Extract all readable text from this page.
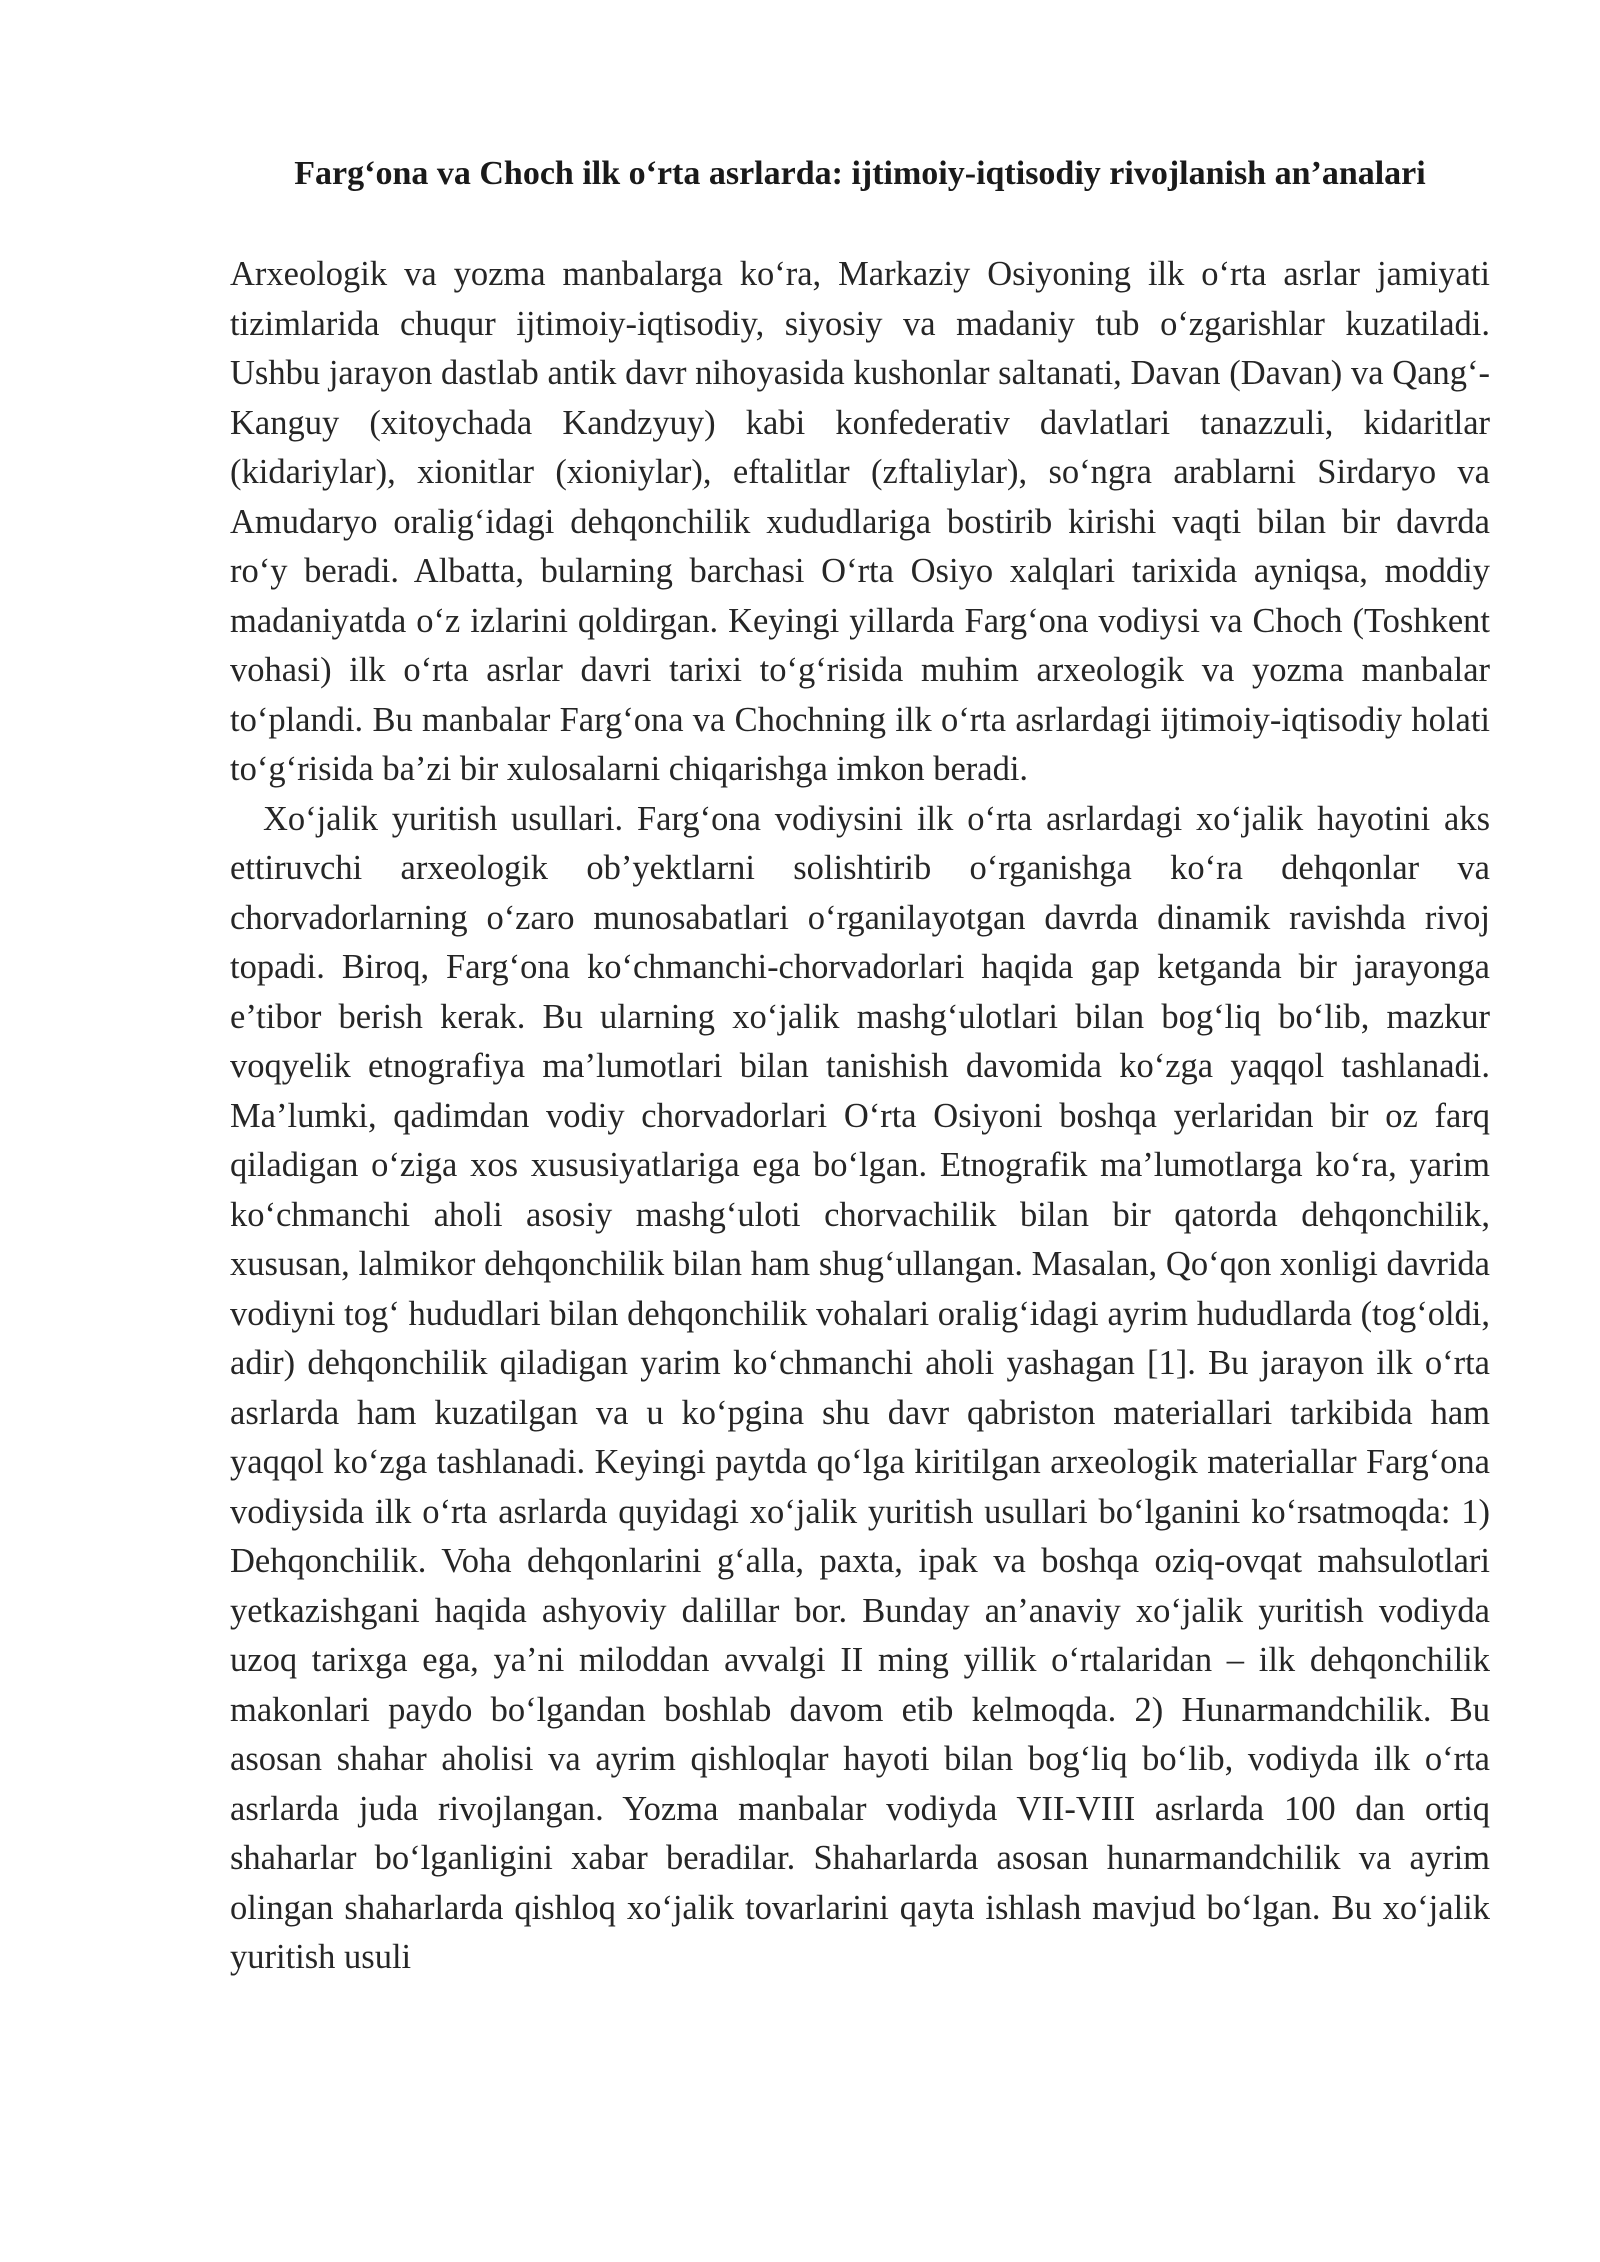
Farg‘ona va Choch ilk o‘rta asrlarda: ijtimoiy-iqtisodiy rivojlanish an’analari

Arxeologik va yozma manbalarga ko‘ra, Markaziy Osiyoning ilk o‘rta asrlar jamiyati tizimlarida chuqur ijtimoiy-iqtisodiy, siyosiy va madaniy tub o‘zgarishlar kuzatiladi. Ushbu jarayon dastlab antik davr nihoyasida kushonlar saltanati, Davan (Davan) va Qang‘-Kanguy (xitoychada Kandzyuy) kabi konfederativ davlatlari tanazzuli, kidaritlar (kidariylar), xionitlar (xioniylar), eftalitlar (zftaliylar), so‘ngra arablarni Sirdaryo va Amudaryo oralig‘idagi dehqonchilik xududlariga bostirib kirishi vaqti bilan bir davrda ro‘y beradi. Albatta, bularning barchasi O‘rta Osiyo xalqlari tarixida ayniqsa, moddiy madaniyatda o‘z izlarini qoldirgan. Keyingi yillarda Farg‘ona vodiysi va Choch (Toshkent vohasi) ilk o‘rta asrlar davri tarixi to‘g‘risida muhim arxeologik va yozma manbalar to‘plandi. Bu manbalar Farg‘ona va Chochning ilk o‘rta asrlardagi ijtimoiy-iqtisodiy holati to‘g‘risida ba’zi bir xulosalarni chiqarishga imkon beradi.

Xo‘jalik yuritish usullari. Farg‘ona vodiysini ilk o‘rta asrlardagi xo‘jalik hayotini aks ettiruvchi arxeologik ob’yektlarni solishtirib o‘rganishga ko‘ra dehqonlar va chorvadorlarning o‘zaro munosabatlari o‘rganilayotgan davrda dinamik ravishda rivoj topadi. Biroq, Farg‘ona ko‘chmanchi-chorvadorlari haqida gap ketganda bir jarayonga e’tibor berish kerak. Bu ularning xo‘jalik mashg‘ulotlari bilan bog‘liq bo‘lib, mazkur voqyelik etnografiya ma’lumotlari bilan tanishish davomida ko‘zga yaqqol tashlanadi. Ma’lumki, qadimdan vodiy chorvadorlari O‘rta Osiyoni boshqa yerlaridan bir oz farq qiladigan o‘ziga xos xususiyatlariga ega bo‘lgan. Etnografik ma’lumotlarga ko‘ra, yarim ko‘chmanchi aholi asosiy mashg‘uloti chorvachilik bilan bir qatorda dehqonchilik, xususan, lalmikor dehqonchilik bilan ham shug‘ullangan. Masalan, Qo‘qon xonligi davrida vodiyni tog‘ hududlari bilan dehqonchilik vohalari oralig‘idagi ayrim hududlarda (tog‘oldi, adir) dehqonchilik qiladigan yarim ko‘chmanchi aholi yashagan [1]. Bu jarayon ilk o‘rta asrlarda ham kuzatilgan va u ko‘pgina shu davr qabriston materiallari tarkibida ham yaqqol ko‘zga tashlanadi. Keyingi paytda qo‘lga kiritilgan arxeologik materiallar Farg‘ona vodiysida ilk o‘rta asrlarda quyidagi xo‘jalik yuritish usullari bo‘lganini ko‘rsatmoqda: 1) Dehqonchilik. Voha dehqonlarini g‘alla, paxta, ipak va boshqa oziq-ovqat mahsulotlari yetkazishgani haqida ashyoviy dalillar bor. Bunday an’anaviy xo‘jalik yuritish vodiyda uzoq tarixga ega, ya’ni miloddan avvalgi II ming yillik o‘rtalaridan – ilk dehqonchilik makonlari paydo bo‘lgandan boshlab davom etib kelmoqda. 2) Hunarmandchilik. Bu asosan shahar aholisi va ayrim qishloqlar hayoti bilan bog‘liq bo‘lib, vodiyda ilk o‘rta asrlarda juda rivojlangan. Yozma manbalar vodiyda VII-VIII asrlarda 100 dan ortiq shaharlar bo‘lganligini xabar beradilar. Shaharlarda asosan hunarmandchilik va ayrim olingan shaharlarda qishloq xo‘jalik tovarlarini qayta ishlash mavjud bo‘lgan. Bu xo‘jalik yuritish usuli
